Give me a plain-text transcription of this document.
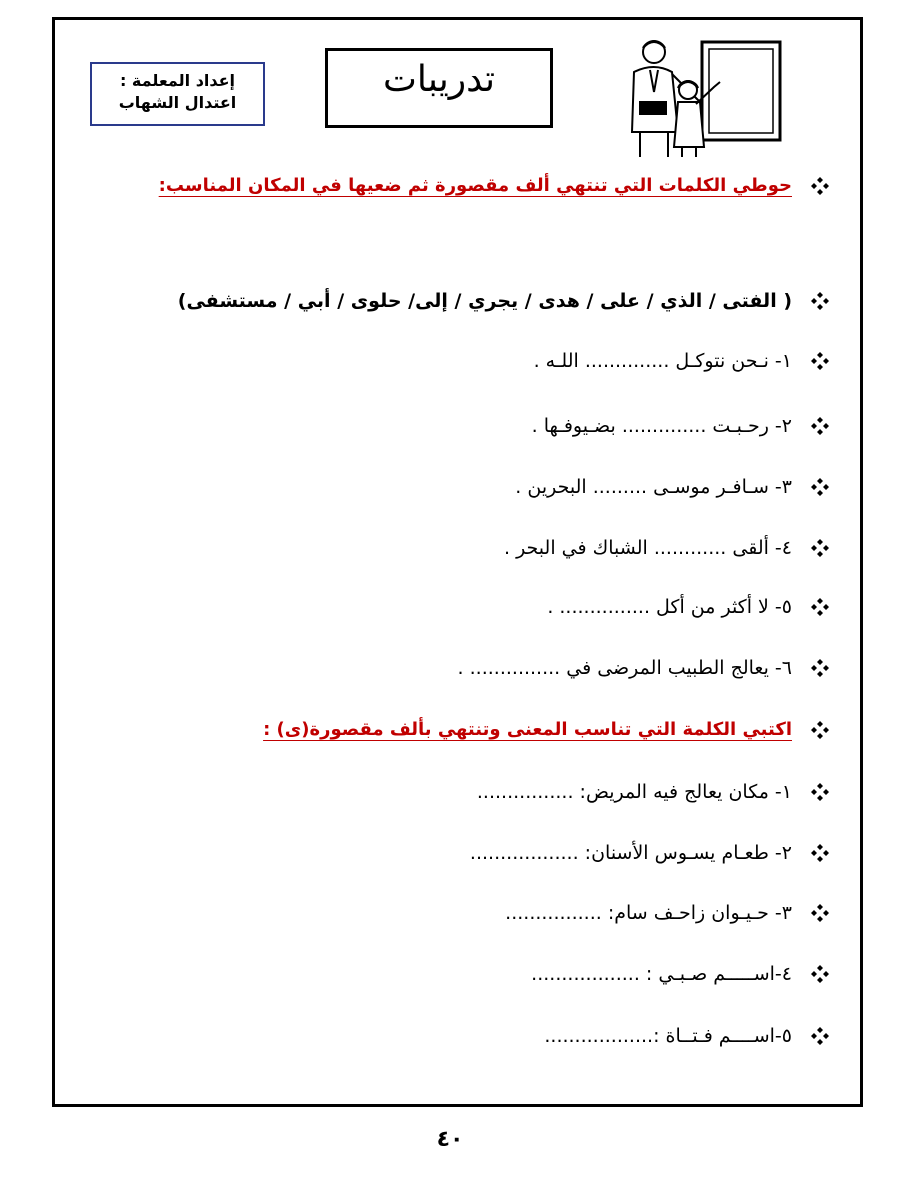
إعداد المعلمة :
اعتدال الشهاب
تدريبات
حوطي الكلمات التي تنتهي ألف مقصورة ثم ضعيها في المكان المناسب:
( الفتى / الذي / على / هدى / يجري / إلى/ حلوى / أبي / مستشفى)
١- نـحن نتوكـل .............. اللـه .
٢- رحـبـت .............. بضـيوفـها .
٣- سـافـر موسـى ......... البحرين .
٤- ألقى ............ الشباك في البحر .
٥- لا أكثر من أكل ............... .
٦- يعالج الطبيب المرضى في ............... .
اكتبي الكلمة التي تناسب المعنى وتنتهي بألف مقصورة(ى) :
١- مكان يعالج فيه المريض: ................
٢- طعـام يسـوس الأسنان: ..................
٣- حـيـوان زاحـف سام: ................
٤-اســـــم صـبـي : ..................
٥-اســــم فـتــاة :..................
٤٠
